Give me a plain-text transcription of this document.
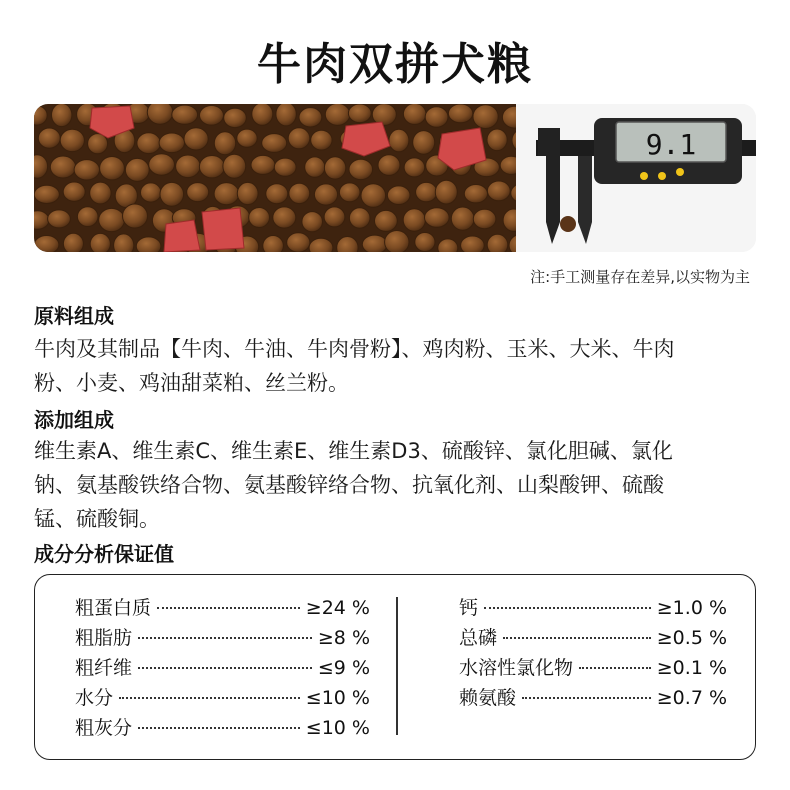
牛肉双拼犬粮
9.1
注:手工测量存在差异,以实物为主
原料组成
牛肉及其制品【牛肉、牛油、牛肉骨粉】、鸡肉粉、玉米、大米、牛肉
粉、小麦、鸡油甜菜粕、丝兰粉。
添加组成
维生素A、维生素C、维生素E、维生素D3、硫酸锌、氯化胆碱、氯化
钠、氨基酸铁络合物、氨基酸锌络合物、抗氧化剂、山梨酸钾、硫酸
锰、硫酸铜。
成分分析保证值
粗蛋白质	≥24 %
粗脂肪	≥8 %
粗纤维	≤9 %
水分	≤10 %
粗灰分	≤10 %
钙	≥1.0 %
总磷	≥0.5 %
水溶性氯化物	≥0.1 %
赖氨酸	≥0.7 %
